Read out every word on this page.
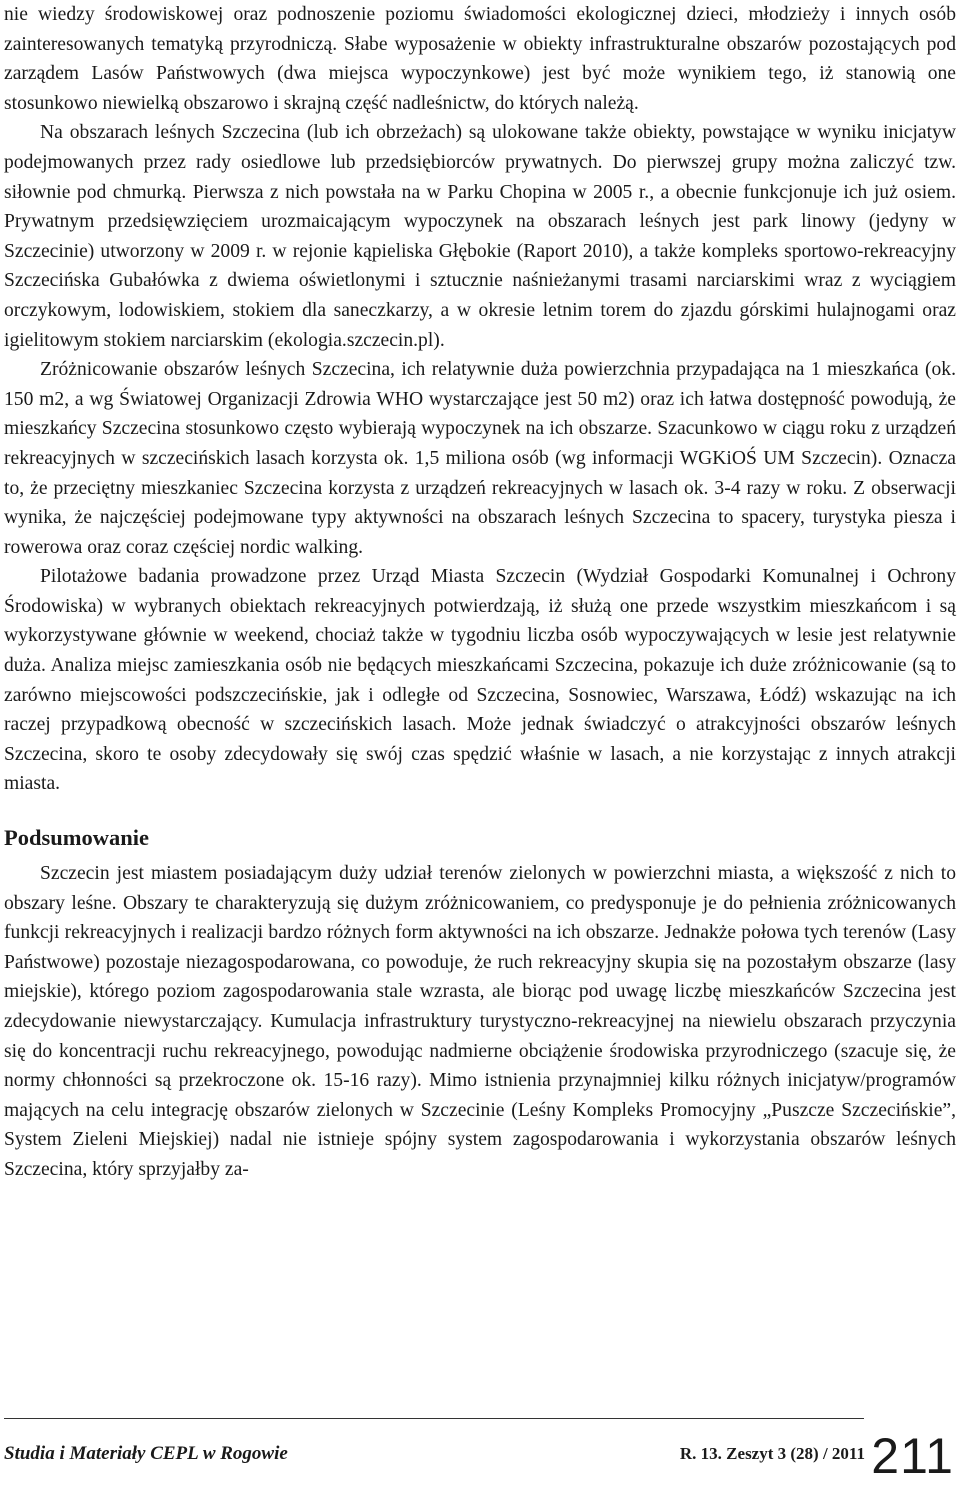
nie wiedzy środowiskowej oraz podnoszenie poziomu świadomości ekologicznej dzieci, młodzieży i innych osób zainteresowanych tematyką przyrodniczą. Słabe wyposażenie w obiekty infrastrukturalne obszarów pozostających pod zarządem Lasów Państwowych (dwa miejsca wypoczynkowe) jest być może wynikiem tego, iż stanowią one stosunkowo niewielką obszarowo i skrajną część nadleśnictw, do których należą.

Na obszarach leśnych Szczecina (lub ich obrzeżach) są ulokowane także obiekty, powstające w wyniku inicjatyw podejmowanych przez rady osiedlowe lub przedsiębiorców prywatnych. Do pierwszej grupy można zaliczyć tzw. siłownie pod chmurką. Pierwsza z nich powstała na w Parku Chopina w 2005 r., a obecnie funkcjonuje ich już osiem. Prywatnym przedsięwzięciem urozmaicającym wypoczynek na obszarach leśnych jest park linowy (jedyny w Szczecinie) utworzony w 2009 r. w rejonie kąpieliska Głębokie (Raport 2010), a także kompleks sportowo-rekreacyjny Szczecińska Gubałówka z dwiema oświetlonymi i sztucznie naśnieżanymi trasami narciarskimi wraz z wyciągiem orczykowym, lodowiskiem, stokiem dla saneczkarzy, a w okresie letnim torem do zjazdu górskimi hulajnogami oraz igielitowym stokiem narciarskim (ekologia.szczecin.pl).

Zróżnicowanie obszarów leśnych Szczecina, ich relatywnie duża powierzchnia przypadająca na 1 mieszkańca (ok. 150 m2, a wg Światowej Organizacji Zdrowia WHO wystarczające jest 50 m2) oraz ich łatwa dostępność powodują, że mieszkańcy Szczecina stosunkowo często wybierają wypoczynek na ich obszarze. Szacunkowo w ciągu roku z urządzeń rekreacyjnych w szczecińskich lasach korzysta ok. 1,5 miliona osób (wg informacji WGKiOŚ UM Szczecin). Oznacza to, że przeciętny mieszkaniec Szczecina korzysta z urządzeń rekreacyjnych w lasach ok. 3-4 razy w roku. Z obserwacji wynika, że najczęściej podejmowane typy aktywności na obszarach leśnych Szczecina to spacery, turystyka piesza i rowerowa oraz coraz częściej nordic walking.

Pilotażowe badania prowadzone przez Urząd Miasta Szczecin (Wydział Gospodarki Komunalnej i Ochrony Środowiska) w wybranych obiektach rekreacyjnych potwierdzają, iż służą one przede wszystkim mieszkańcom i są wykorzystywane głównie w weekend, chociaż także w tygodniu liczba osób wypoczywających w lesie jest relatywnie duża. Analiza miejsc zamieszkania osób nie będących mieszkańcami Szczecina, pokazuje ich duże zróżnicowanie (są to zarówno miejscowości podszczecińskie, jak i odległe od Szczecina, Sosnowiec, Warszawa, Łódź) wskazując na ich raczej przypadkową obecność w szczecińskich lasach. Może jednak świadczyć o atrakcyjności obszarów leśnych Szczecina, skoro te osoby zdecydowały się swój czas spędzić właśnie w lasach, a nie korzystając z innych atrakcji miasta.

Podsumowanie

Szczecin jest miastem posiadającym duży udział terenów zielonych w powierzchni miasta, a większość z nich to obszary leśne. Obszary te charakteryzują się dużym zróżnicowaniem, co predysponuje je do pełnienia zróżnicowanych funkcji rekreacyjnych i realizacji bardzo różnych form aktywności na ich obszarze. Jednakże połowa tych terenów (Lasy Państwowe) pozostaje niezagospodarowana, co powoduje, że ruch rekreacyjny skupia się na pozostałym obszarze (lasy miejskie), którego poziom zagospodarowania stale wzrasta, ale biorąc pod uwagę liczbę mieszkańców Szczecina jest zdecydowanie niewystarczający. Kumulacja infrastruktury turystyczno-rekreacyjnej na niewielu obszarach przyczynia się do koncentracji ruchu rekreacyjnego, powodując nadmierne obciążenie środowiska przyrodniczego (szacuje się, że normy chłonności są przekroczone ok. 15-16 razy). Mimo istnienia przynajmniej kilku różnych inicjatyw/programów mających na celu integrację obszarów zielonych w Szczecinie (Leśny Kompleks Promocyjny „Puszcze Szczecińskie”, System Zieleni Miejskiej) nadal nie istnieje spójny system zagospodarowania i wykorzystania obszarów leśnych Szczecina, który sprzyjałby za-

Studia i Materiały CEPL w Rogowie	R. 13. Zeszyt 3 (28) / 2011 211
